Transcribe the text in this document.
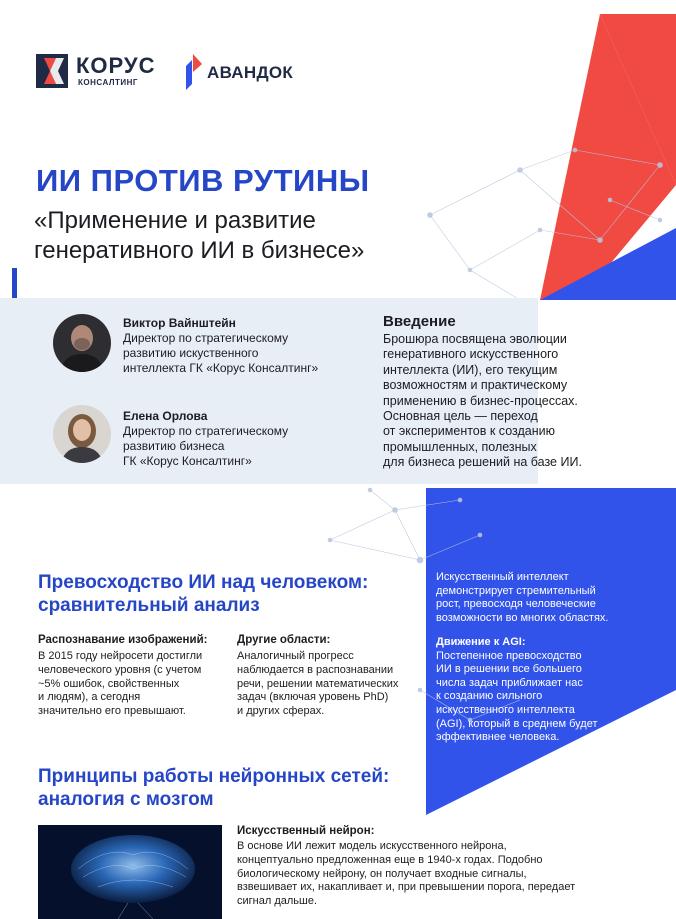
КОРУС
КОНСАЛТИНГ
АВАНДОК
ИИ ПРОТИВ РУТИНЫ
«Применение и развитие
генеративного ИИ в бизнесе»
Виктор Вайнштейн
Директор по стратегическому
развитию искуственного
интеллекта ГК «Корус Консалтинг»
Елена Орлова
Директор по стратегическому
развитию бизнеса
ГК «Корус Консалтинг»
Введение
Брошюра посвящена эволюции
генеративного искусственного
интеллекта (ИИ), его текущим
возможностям и практическому
применению в бизнес-процессах.
Основная цель — переход
от экспериментов к созданию
промышленных, полезных
для бизнеса решений на базе ИИ.
Превосходство ИИ над человеком:
сравнительный анализ
Распознавание изображений:
В 2015 году нейросети достигли
человеческого уровня (с учетом
~5% ошибок, свойственных
и людям), а сегодня
значительно его превышают.
Другие области:
Аналогичный прогресс
наблюдается в распознавании
речи, решении математических
задач (включая уровень PhD)
и других сферах.
Искусственный интеллект
демонстрирует стремительный
рост, превосходя человеческие
возможности во многих областях.
Движение к AGI:
Постепенное превосходство
ИИ в решении все большего
числа задач приближает нас
к созданию сильного
искусственного интеллекта
(AGI), который в среднем будет
эффективнее человека.
Принципы работы нейронных сетей:
аналогия с мозгом
Искусственный нейрон:
В основе ИИ лежит модель искусственного нейрона,
концептуально предложенная еще в 1940-х годах. Подобно
биологическому нейрону, он получает входные сигналы,
взвешивает их, накапливает и, при превышении порога, передает
сигнал дальше.
